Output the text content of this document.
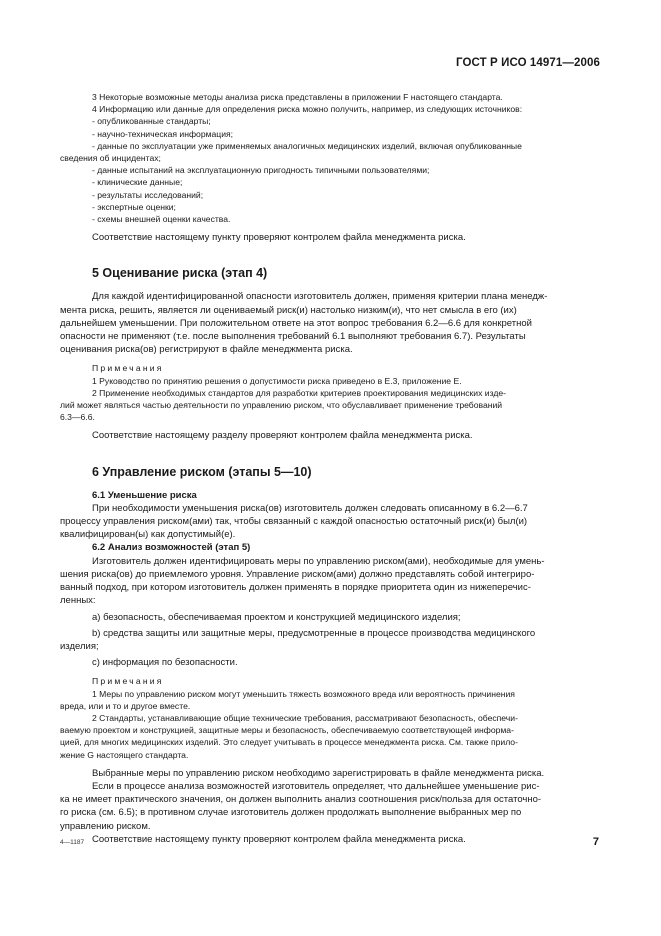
ГОСТ Р ИСО 14971—2006

3 Некоторые возможные методы анализа риска представлены в приложении F настоящего стандарта.

4 Информацию или данные для определения риска можно получить, например, из следующих источников:

- опубликованные стандарты;

- научно-техническая информация;

- данные по эксплуатации уже применяемых аналогичных медицинских изделий, включая опубликованные

сведения об инцидентах;

- данные испытаний на эксплуатационную пригодность типичными пользователями;

- клинические данные;

- результаты исследований;

- экспертные оценки;

- схемы внешней оценки качества.

Соответствие настоящему пункту проверяют контролем файла менеджмента риска.

5 Оценивание риска (этап 4)

Для каждой идентифицированной опасности изготовитель должен, применяя критерии плана менедж-

мента риска, решить, является ли оцениваемый риск(и) настолько низким(и), что нет смысла в его (их)

дальнейшем уменьшении. При положительном ответе на этот вопрос требования 6.2—6.6 для конкретной

опасности не применяют (т.е. после выполнения требований 6.1 выполняют требования 6.7). Результаты

оценивания риска(ов) регистрируют в файле менеджмента риска.

Примечания

1 Руководство по принятию решения о допустимости риска приведено в Е.3, приложение Е.

2 Применение необходимых стандартов для разработки критериев проектирования медицинских изде-

лий может являться частью деятельности по управлению риском, что обуславливает применение требований

6.3—6.6.

Соответствие настоящему разделу проверяют контролем файла менеджмента риска.

6 Управление риском (этапы 5—10)

6.1 Уменьшение риска

При необходимости уменьшения риска(ов) изготовитель должен следовать описанному в 6.2—6.7

процессу управления риском(ами) так, чтобы связанный с каждой опасностью остаточный риск(и) был(и)

квалифицирован(ы) как допустимый(е).

6.2 Анализ возможностей (этап 5)

Изготовитель должен идентифицировать меры по управлению риском(ами), необходимые для умень-

шения риска(ов) до приемлемого уровня. Управление риском(ами) должно представлять собой интегриро-

ванный подход, при котором изготовитель должен применять в порядке приоритета один из нижеперечис-

ленных:

а) безопасность, обеспечиваемая проектом и конструкцией медицинского изделия;

b) средства защиты или защитные меры, предусмотренные в процессе производства медицинского

изделия;

с) информация по безопасности.

Примечания

1 Меры по управлению риском могут уменьшить тяжесть возможного вреда или вероятность причинения

вреда, или и то и другое вместе.

2 Стандарты, устанавливающие общие технические требования, рассматривают безопасность, обеспечи-

ваемую проектом и конструкцией, защитные меры и безопасность, обеспечиваемую соответствующей информа-

цией, для многих медицинских изделий. Это следует учитывать в процессе менеджмента риска. См. также прило-

жение G настоящего стандарта.

Выбранные меры по управлению риском необходимо зарегистрировать в файле менеджмента риска.

Если в процессе анализа возможностей изготовитель определяет, что дальнейшее уменьшение рис-

ка не имеет практического значения, он должен выполнить анализ соотношения риск/польза для остаточно-

го риска (см. 6.5); в противном случае изготовитель должен продолжать выполнение выбранных мер по

управлению риском.

Соответствие настоящему пункту проверяют контролем файла менеджмента риска.

4—1187	7
